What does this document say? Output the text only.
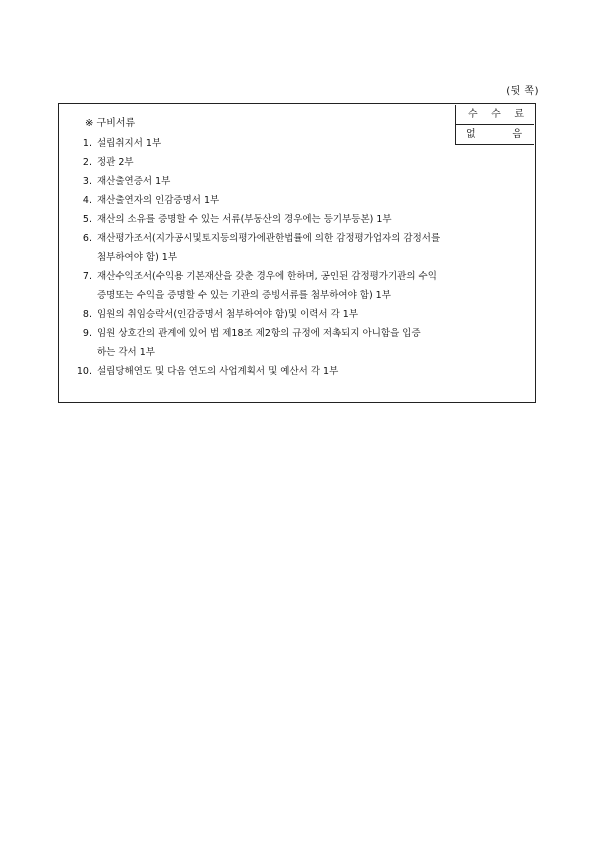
(뒷 쪽)
수 수 료
없	음
※ 구비서류
1. 설립취지서 1부
2. 정관 2부
3. 재산출연증서 1부
4. 재산출연자의 인감증명서 1부
5. 재산의 소유를 증명할 수 있는 서류(부동산의 경우에는 등기부등본) 1부
6. 재산평가조서(지가공시및토지등의평가에관한법률에 의한 감정평가업자의 감정서를
첨부하여야 함) 1부
7. 재산수익조서(수익용 기본재산을 갖춘 경우에 한하며, 공인된 감정평가기관의 수익
증명또는 수익을 증명할 수 있는 기관의 증빙서류를 첨부하여야 함) 1부
8. 임원의 취임승락서(인감증명서 첨부하여야 함)및 이력서 각 1부
9. 임원 상호간의 관계에 있어 법 제18조 제2항의 규정에 저촉되지 아니함을 입증
하는 각서 1부
10. 설립당해연도 및 다음 연도의 사업계획서 및 예산서 각 1부
